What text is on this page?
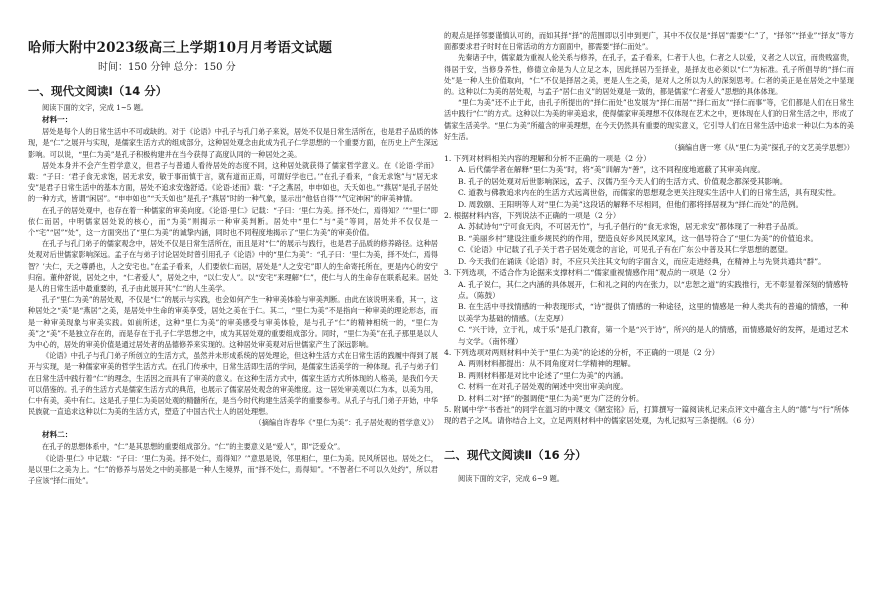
哈师大附中2023级高三上学期10月月考语文试题
时间：150 分钟 总分：150 分
一、现代文阅读Ⅰ（14 分）

阅读下面的文字，完成 1~5 题。

材料一：

居处是每个人的日常生活中不可或缺的。对于《论语》中孔子与孔门弟子来说，居处不仅是日常生活所在，也是君子品质的体现，是“仁”之展开与实现，是儒家生活方式的组成部分，这种居处观念由此成为孔子仁学思想的一个重要方面，在历史上产生深远影响。可以说，“里仁为美”是孔子积极构建并在当今获得了高度认同的一种居处之美。

居处本身并不会产生哲学意义，但君子与普通人看待居处的态度不同，这种居处就获得了儒家哲学意义。在《论语·学而》载：“子曰：‘君子食无求饱，居无求安，敏于事而慎于言，就有道而正焉，可谓好学也已。’”在孔子看来，“食无求饱”与“居无求安”是君子日常生活中的基本方面，居处不追求安逸舒适。《论语·述而》载：“子之燕居，申申如也，夭夭如也。”“燕居”是孔子居处的一种方式，皆谓“闲居”。“申申如也”“夭夭如也”是孔子“燕居”时的一种气象，显示出“他恬自得”“气定神闲”的审美神情。

在孔子的居处观中，也存在着一种儒家的审美向度。《论语·里仁》记载：“子曰：‘里仁为美。择不处仁，焉得知？’”“里仁”即依仁而居，中明儒家居处说的核心，而“为美”则揭示一种审美判断。居处中“里仁”与“美”等同，居处并不仅仅是一个“宅”“居”“处”，这一方面突出了“里仁为美”的诚挚内涵，同时也不同程度地揭示了“里仁为美”的审美价值。

在孔子与孔门弟子的儒家观念中，居处不仅是日常生活所在，而且是对“仁”的展示与践行，也是君子品质的修养路径。这种居处观对后世儒家影响深远。孟子在与弟子讨论居处时曾引用孔子《论语》中的“里仁为美”：“孔子曰：‘里仁为美，择不处仁，焉得智？’夫仁，天之尊爵也，人之安宅也。”在孟子看来，人们要依仁而居，居处是“人之安宅”即人的生命寄托所在，更是内心的安宁归宿。董仲舒说，居处之中，“仁者爱人”，居处之中，“以仁安人”。以“安宅”来理解“仁”，使仁与人的生命存在联系起来。居处是人的日常生活中最重要的，孔子由此展开其“仁”的人生美学。

孔子“里仁为美”的居处观，不仅是“仁”的展示与实践，也会如何产生一种审美体验与审美判断。由此在该说明来看，其一，这种居处之“美”是“燕居”之美，是居处中生命的审美享受，居处之美在于仁。其二，“里仁为美”不是指向一种审美的理论形态，而是一种审美现象与审美实践。如前所述，这种“里仁为美”的审美感受与审美体验，是与孔子“仁”的精神相统一的，“里仁为美”之“美”不是独立存在的，而是存在于孔子仁学思想之中，成为其居处观的重要组成部分。同时，“里仁为美”在孔子那里是以人为中心的，居处的审美价值是通过居处者的品德修养来实现的。这种居处审美观对后世儒家产生了深远影响。

《论语》中孔子与孔门弟子所创立的生活方式，虽然并未形成系统的居处理论，但这种生活方式在日常生活的践履中得到了展开与实现，是一种儒家审美的哲学生活方式。在孔门传承中，日常生活即生活的学问，是儒家生活美学的一种体现。孔子与弟子们在日常生活中践行着“仁”的理念，生活因之而具有了审美的意义。在这种生活方式中，儒家生活方式所体现的人格美，是我们今天可以借鉴的。孔子的生活方式是儒家生活方式的典范，也展示了儒家居处观念的审美维度。这一居处审美观以仁为本，以美为用，仁中有美，美中有仁。这是孔子里仁为美居处观的精髓所在，是当今时代构建生活美学的重要参考。从孔子与孔门弟子开始，中华民族就一直追求这种以仁为美的生活方式，塑造了中国古代士人的居处理想。

（摘编自许春华《“里仁为美”：孔子居处观的哲学意义》）

材料二：

在孔子的思想体系中，“仁”是其思想的重要组成部分。“仁”的主要意义是“爱人”，即“泛爱众”。

《论语·里仁》中记载：“子曰：‘里仁为美。择不处仁，焉得知？’”意思是说，邻里相仁，里仁为美。民风所居也。居处之仁，是以里仁之美为上。“仁”的修养与居处之中的美都是一种人生境界，而“择不处仁，焉得知”。“不智者仁不可以久处约”，所以君子应该“择仁而处”。

的观点是择邻要谨慎认可的，而如其择“择”的范围即以引申到更广，其中不仅仅是“择居”需要“仁”了，“择邻”“择业”“择友”等方面都要求君子时时在日常活动的方方面面中，都需要“择仁而处”。

先秦诸子中，儒家最为重视人伦关系与修养，在孔子，孟子看来，仁者于人也，仁者之人以爱，义者之人以宜，而贵贱富贵，得居于安，当修身养性，修德立命是为人立足之本，因此择居乃至择业，是择友也必须以“仁”为标准。孔子所倡导的“择仁而处”是一种人生价值取向，“仁”不仅是择居之美，更是人生之美，是对人之所以为人的深刻思考。仁者的美正是在居处之中显现的。这种以仁为美的居处观，与孟子“居仁由义”的居处观是一致的，都是儒家“仁者爱人”思想的具体体现。

“里仁为美”还不止于此，由孔子所提出的“择仁而处”也发展为“择仁而居”“择仁而友”“择仁而事”等，它们都是人们在日常生活中践行“仁”的方式。这种以仁为美的审美追求，使得儒家审美理想不仅体现在艺术之中，更体现在人们的日常生活之中，形成了儒家生活美学。“里仁为美”所蕴含的审美理想，在今天仍然具有重要的现实意义，它引导人们在日常生活中追求一种以仁为本的美好生活。

（摘编自唐一寒《从“里仁为美”探孔子的文艺美学思想》）

1. 下列对材料相关内容的理解和分析不正确的一项是（2 分）

A. 后代儒学者在解释“里仁为美”时，将“美”训解为“善”，这不同程度地遮蔽了其审美向度。

B. 孔子的居处观对后世影响深远，孟子、汉儒乃至今天人们的生活方式、价值观念都深受其影响。

C. 道教与佛教追求内在的生活方式远离世俗，而儒家的思想观念更关注现实生活中人们的日常生活，具有现实性。

D. 周敦颐、王阳明等人对“里仁为美”这段话的解释不尽相同，但他们都将择居视为“择仁而处”的范例。

2. 根据材料内容，下列说法不正确的一项是（2 分）

A. 苏轼诗句“宁可食无肉，不可居无竹”，与孔子倡行的“食无求饱，居无求安”都体现了一种君子品质。

B. “美丽乡村”建设注重乡规民约的作用，塑造良好乡风民风家风，这一倡导符合了“里仁为美”的价值追求。

C.《论语》中记载了孔子关于君子居处观念的言论，可见孔子有在广东公中普及其仁学思想的愿望。

D. 今天我们在诵读《论语》时，不应只关注其文句的字面含义，而应走进经典，在精神上与先贤共通共“群”。

3. 下列选项，不适合作为论据来支撑材料二“儒家重视情感作用”观点的一项是（2 分）

A. 孔子说仁，其仁之内涵的具体展开，仁和礼之间的内在张力，以“忠恕之道”的实践推行，无不彰显着深刻的情感特点。（陈鼓）

B. 在生活中寻找情感的一种表现形式，“诗”提供了情感的一种途径，这里的情感是一种人类共有的普遍的情感，一种以美学为基础的情感。（左克厚）

C. “兴于诗，立于礼，成于乐”是孔门教育，第一个是“兴于诗”，所兴的是人的情感，而情感最好的发挥，是通过艺术与文学。（南怀瑾）

4. 下列选项对两则材料中关于“里仁为美”的论述的分析，不正确的一项是（2 分）

A. 两则材料都提出：从不同角度对仁学精神的理解。

B. 两则材料都是对比中论述了“里仁为美”的内涵。

C. 材料一在对孔子居处观的阐述中突出审美向度。

D. 材料二对“择”的强调使“里仁为美”更为广泛的分析。

5. 附属中学“书香社”的同学在温习的中课文《陋室铭》后，打算撰写一篇阅读札记来点评文中蕴含主人的“德”与“行”所体现的君子之风。请你结合上文，立足两则材料中的儒家居处观，为札记拟写三条提纲。（6 分）

二、现代文阅读Ⅱ（16 分）

阅读下面的文字，完成 6~9 题。
